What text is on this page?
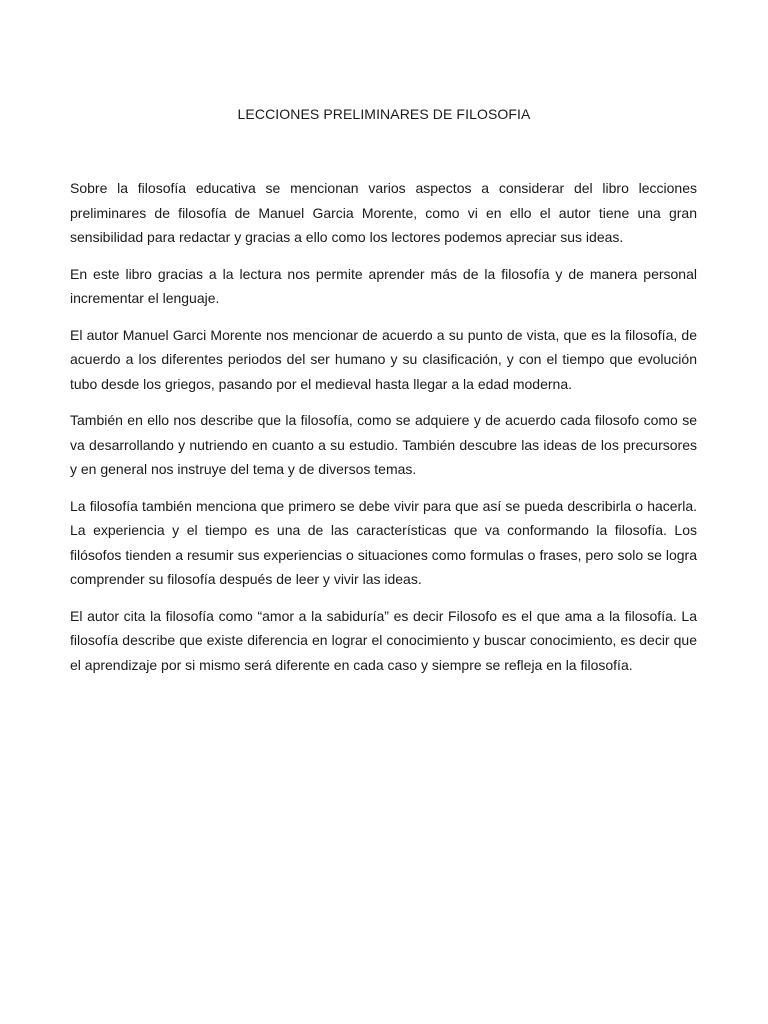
LECCIONES PRELIMINARES DE FILOSOFIA

Sobre la filosofía educativa se mencionan varios aspectos a considerar del libro lecciones preliminares de filosofía de Manuel Garcia Morente, como vi en ello el autor tiene una gran sensibilidad para redactar y gracias a ello como los lectores podemos apreciar sus ideas.

En este libro gracias a la lectura nos permite aprender más de la filosofía y de manera personal incrementar el lenguaje.

El autor Manuel Garci Morente nos mencionar de acuerdo a su punto de vista, que es la filosofía, de acuerdo a los diferentes periodos del ser humano y su clasificación, y con el tiempo que evolución tubo desde los griegos, pasando por el medieval hasta llegar a la edad moderna.

También en ello nos describe que la filosofía, como se adquiere y de acuerdo cada filosofo como se va desarrollando y nutriendo en cuanto a su estudio. También descubre las ideas de los precursores y en general nos instruye del tema y de diversos temas.

La filosofía también menciona que primero se debe vivir para que así se pueda describirla o hacerla. La experiencia y el tiempo es una de las características que va conformando la filosofía. Los filósofos tienden a resumir sus experiencias o situaciones como formulas o frases, pero solo se logra comprender su filosofía después de leer y vivir las ideas.

El autor cita la filosofía como “amor a la sabiduría” es decir Filosofo es el que ama a la filosofía. La filosofía describe que existe diferencia en lograr el conocimiento y buscar conocimiento, es decir que el aprendizaje por si mismo será diferente en cada caso y siempre se refleja en la filosofía.
